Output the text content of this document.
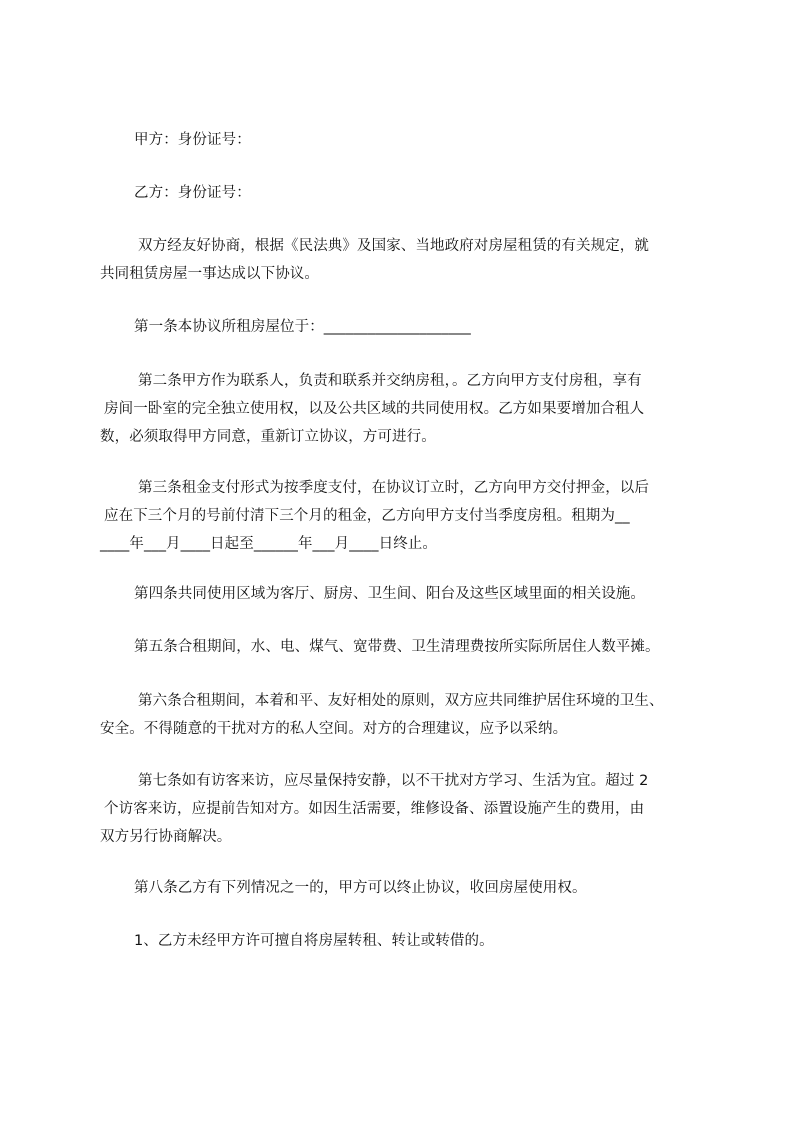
甲方：身份证号：
乙方：身份证号：
双方经友好协商，根据《民法典》及国家、当地政府对房屋租赁的有关规定，就
共同租赁房屋一事达成以下协议。
第一条本协议所租房屋位于：____________________
第二条甲方作为联系人，负责和联系并交纳房租，。乙方向甲方支付房租，享有
房间一卧室的完全独立使用权，以及公共区域的共同使用权。乙方如果要增加合租人
数，必须取得甲方同意，重新订立协议，方可进行。
第三条租金支付形式为按季度支付，在协议订立时，乙方向甲方交付押金，以后
应在下三个月的号前付清下三个月的租金，乙方向甲方支付当季度房租。租期为__
____年___月____日起至______年___月____日终止。
第四条共同使用区域为客厅、厨房、卫生间、阳台及这些区域里面的相关设施。
第五条合租期间，水、电、煤气、宽带费、卫生清理费按所实际所居住人数平摊。
第六条合租期间，本着和平、友好相处的原则，双方应共同维护居住环境的卫生、
安全。不得随意的干扰对方的私人空间。对方的合理建议，应予以采纳。
第七条如有访客来访，应尽量保持安静，以不干扰对方学习、生活为宜。超过 2
个访客来访，应提前告知对方。如因生活需要，维修设备、添置设施产生的费用，由
双方另行协商解决。
第八条乙方有下列情况之一的，甲方可以终止协议，收回房屋使用权。
1、乙方未经甲方许可擅自将房屋转租、转让或转借的。
